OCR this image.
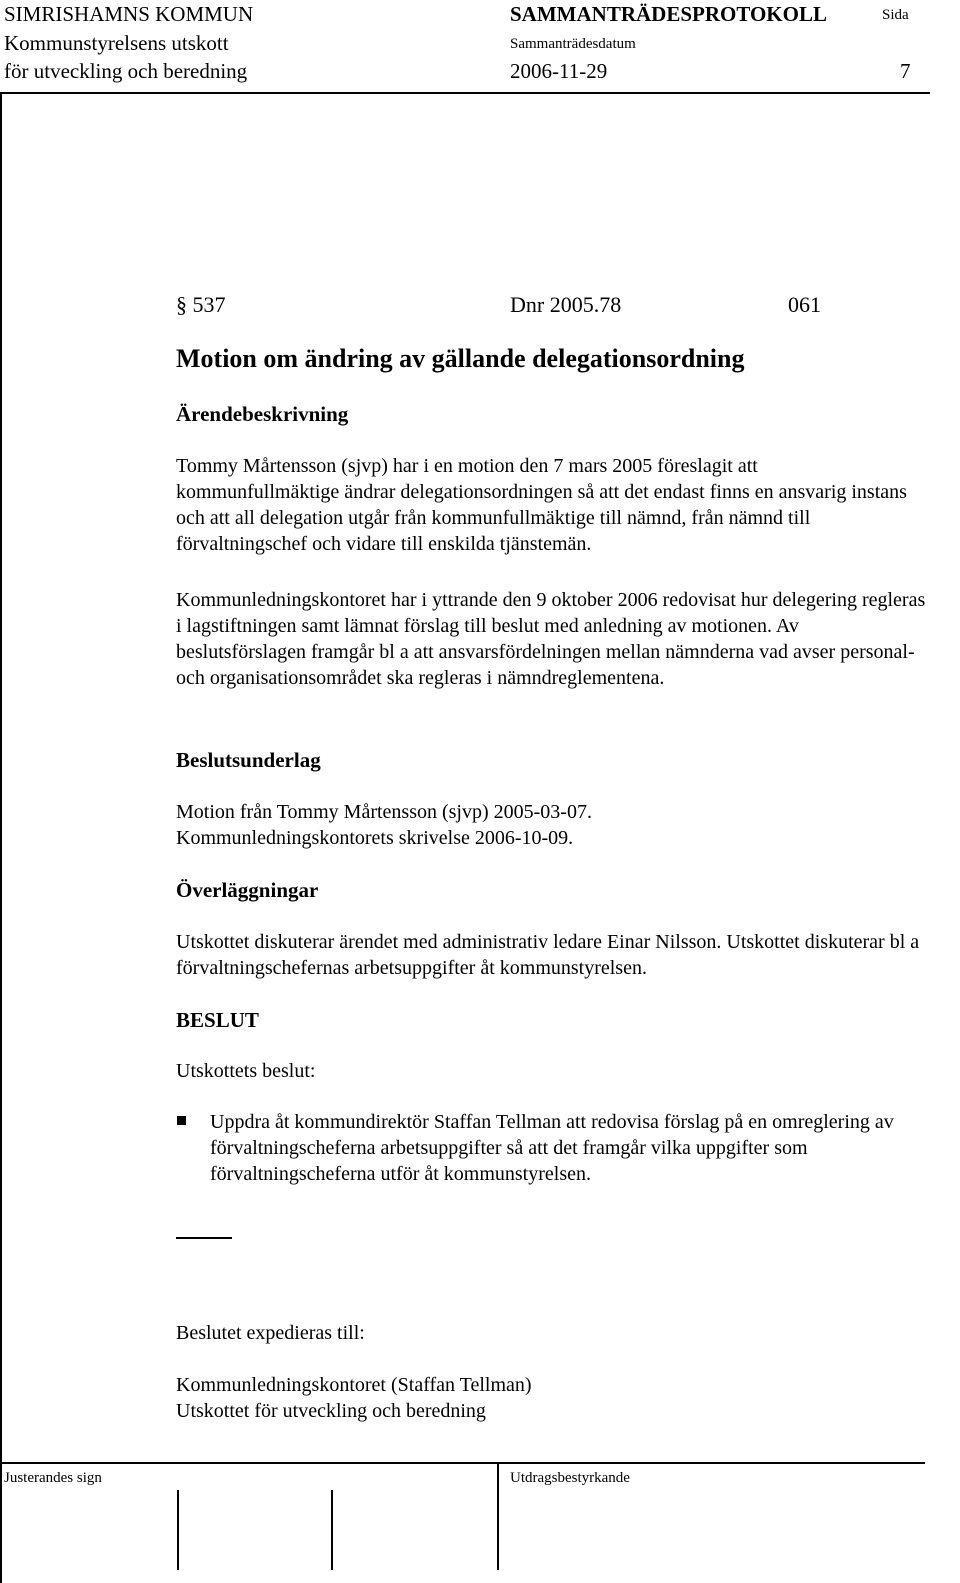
SIMRISHAMNS KOMMUN	SAMMANTRÄDESPROTOKOLL	Sida
Kommunstyrelsens utskott	Sammanträdesdatum
för utveckling och beredning	2006-11-29	7
§ 537	Dnr 2005.78	061
Motion om ändring av gällande delegationsordning
Ärendebeskrivning
Tommy Mårtensson (sjvp) har i en motion den 7 mars 2005 föreslagit att kommunfullmäktige ändrar delegationsordningen så att det endast finns en ansvarig instans och att all delegation utgår från kommunfullmäktige till nämnd, från nämnd till förvaltningschef och vidare till enskilda tjänstemän.
Kommunledningskontoret har i yttrande den 9 oktober 2006 redovisat hur delegering regleras i lagstiftningen samt lämnat förslag till beslut med anledning av motionen. Av beslutsförslagen framgår bl a att ansvarsfördelningen mellan nämnderna vad avser personal- och organisationsområdet ska regleras i nämndreglementena.
Beslutsunderlag
Motion från Tommy Mårtensson (sjvp) 2005-03-07.
Kommunledningskontorets skrivelse 2006-10-09.
Överläggningar
Utskottet diskuterar ärendet med administrativ ledare Einar Nilsson. Utskottet diskuterar bl a förvaltningschefernas arbetsuppgifter åt kommunstyrelsen.
BESLUT
Utskottets beslut:
Uppdra åt kommundirektör Staffan Tellman att redovisa förslag på en omreglering av förvaltningscheferna arbetsuppgifter så att det framgår vilka uppgifter som förvaltningscheferna utför åt kommunstyrelsen.
Beslutet expedieras till:
Kommunledningskontoret (Staffan Tellman)
Utskottet för utveckling och beredning
Justerandes sign	Utdragsbestyrkande
